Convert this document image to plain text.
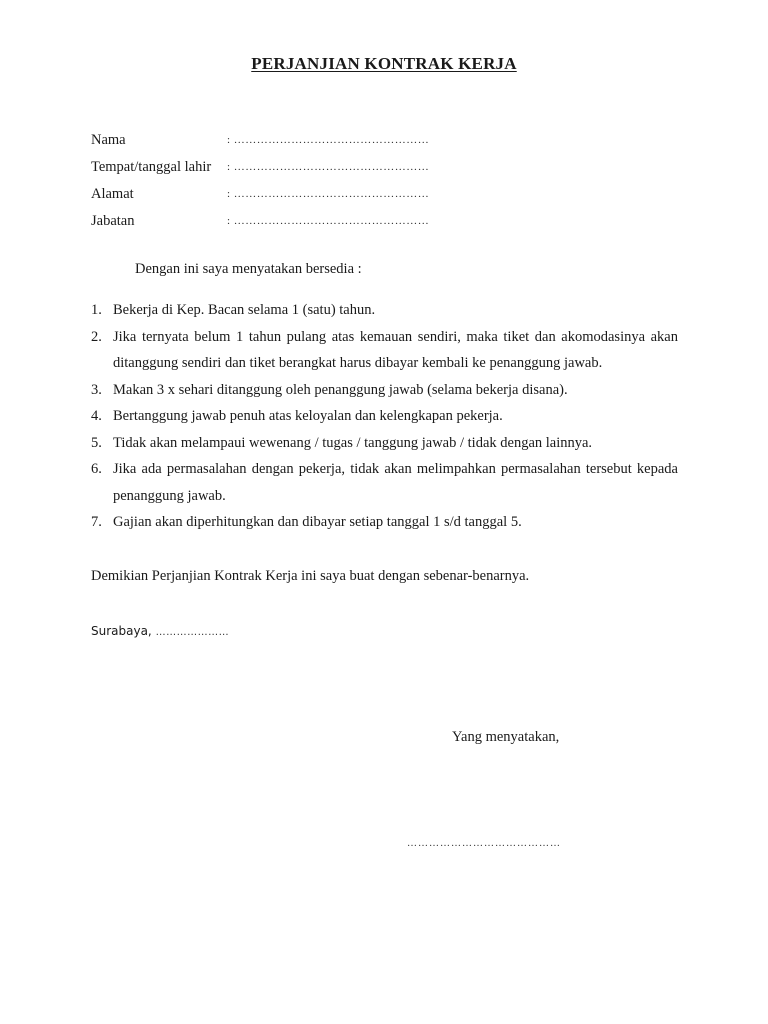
PERJANJIAN KONTRAK KERJA
Nama	: ……………………………………………
Tempat/tanggal lahir : ……………………………………………
Alamat	: ……………………………………………
Jabatan	: ……………………………………………
Dengan ini saya menyatakan bersedia :
1. Bekerja di Kep. Bacan selama 1 (satu) tahun.
2. Jika ternyata belum 1 tahun pulang atas kemauan sendiri, maka tiket dan akomodasinya akan ditanggung sendiri dan tiket berangkat harus dibayar kembali ke penanggung jawab.
3. Makan 3 x sehari ditanggung oleh penanggung jawab (selama bekerja disana).
4. Bertanggung jawab penuh atas keloyalan dan kelengkapan pekerja.
5. Tidak akan melampaui wewenang / tugas / tanggung jawab / tidak dengan lainnya.
6. Jika ada permasalahan dengan pekerja, tidak akan melimpahkan permasalahan tersebut kepada penanggung jawab.
7. Gajian akan diperhitungkan dan dibayar setiap tanggal 1 s/d tanggal 5.
Demikian Perjanjian Kontrak Kerja ini saya buat dengan sebenar-benarnya.
Surabaya, …………………
Yang menyatakan,
……………………………………
